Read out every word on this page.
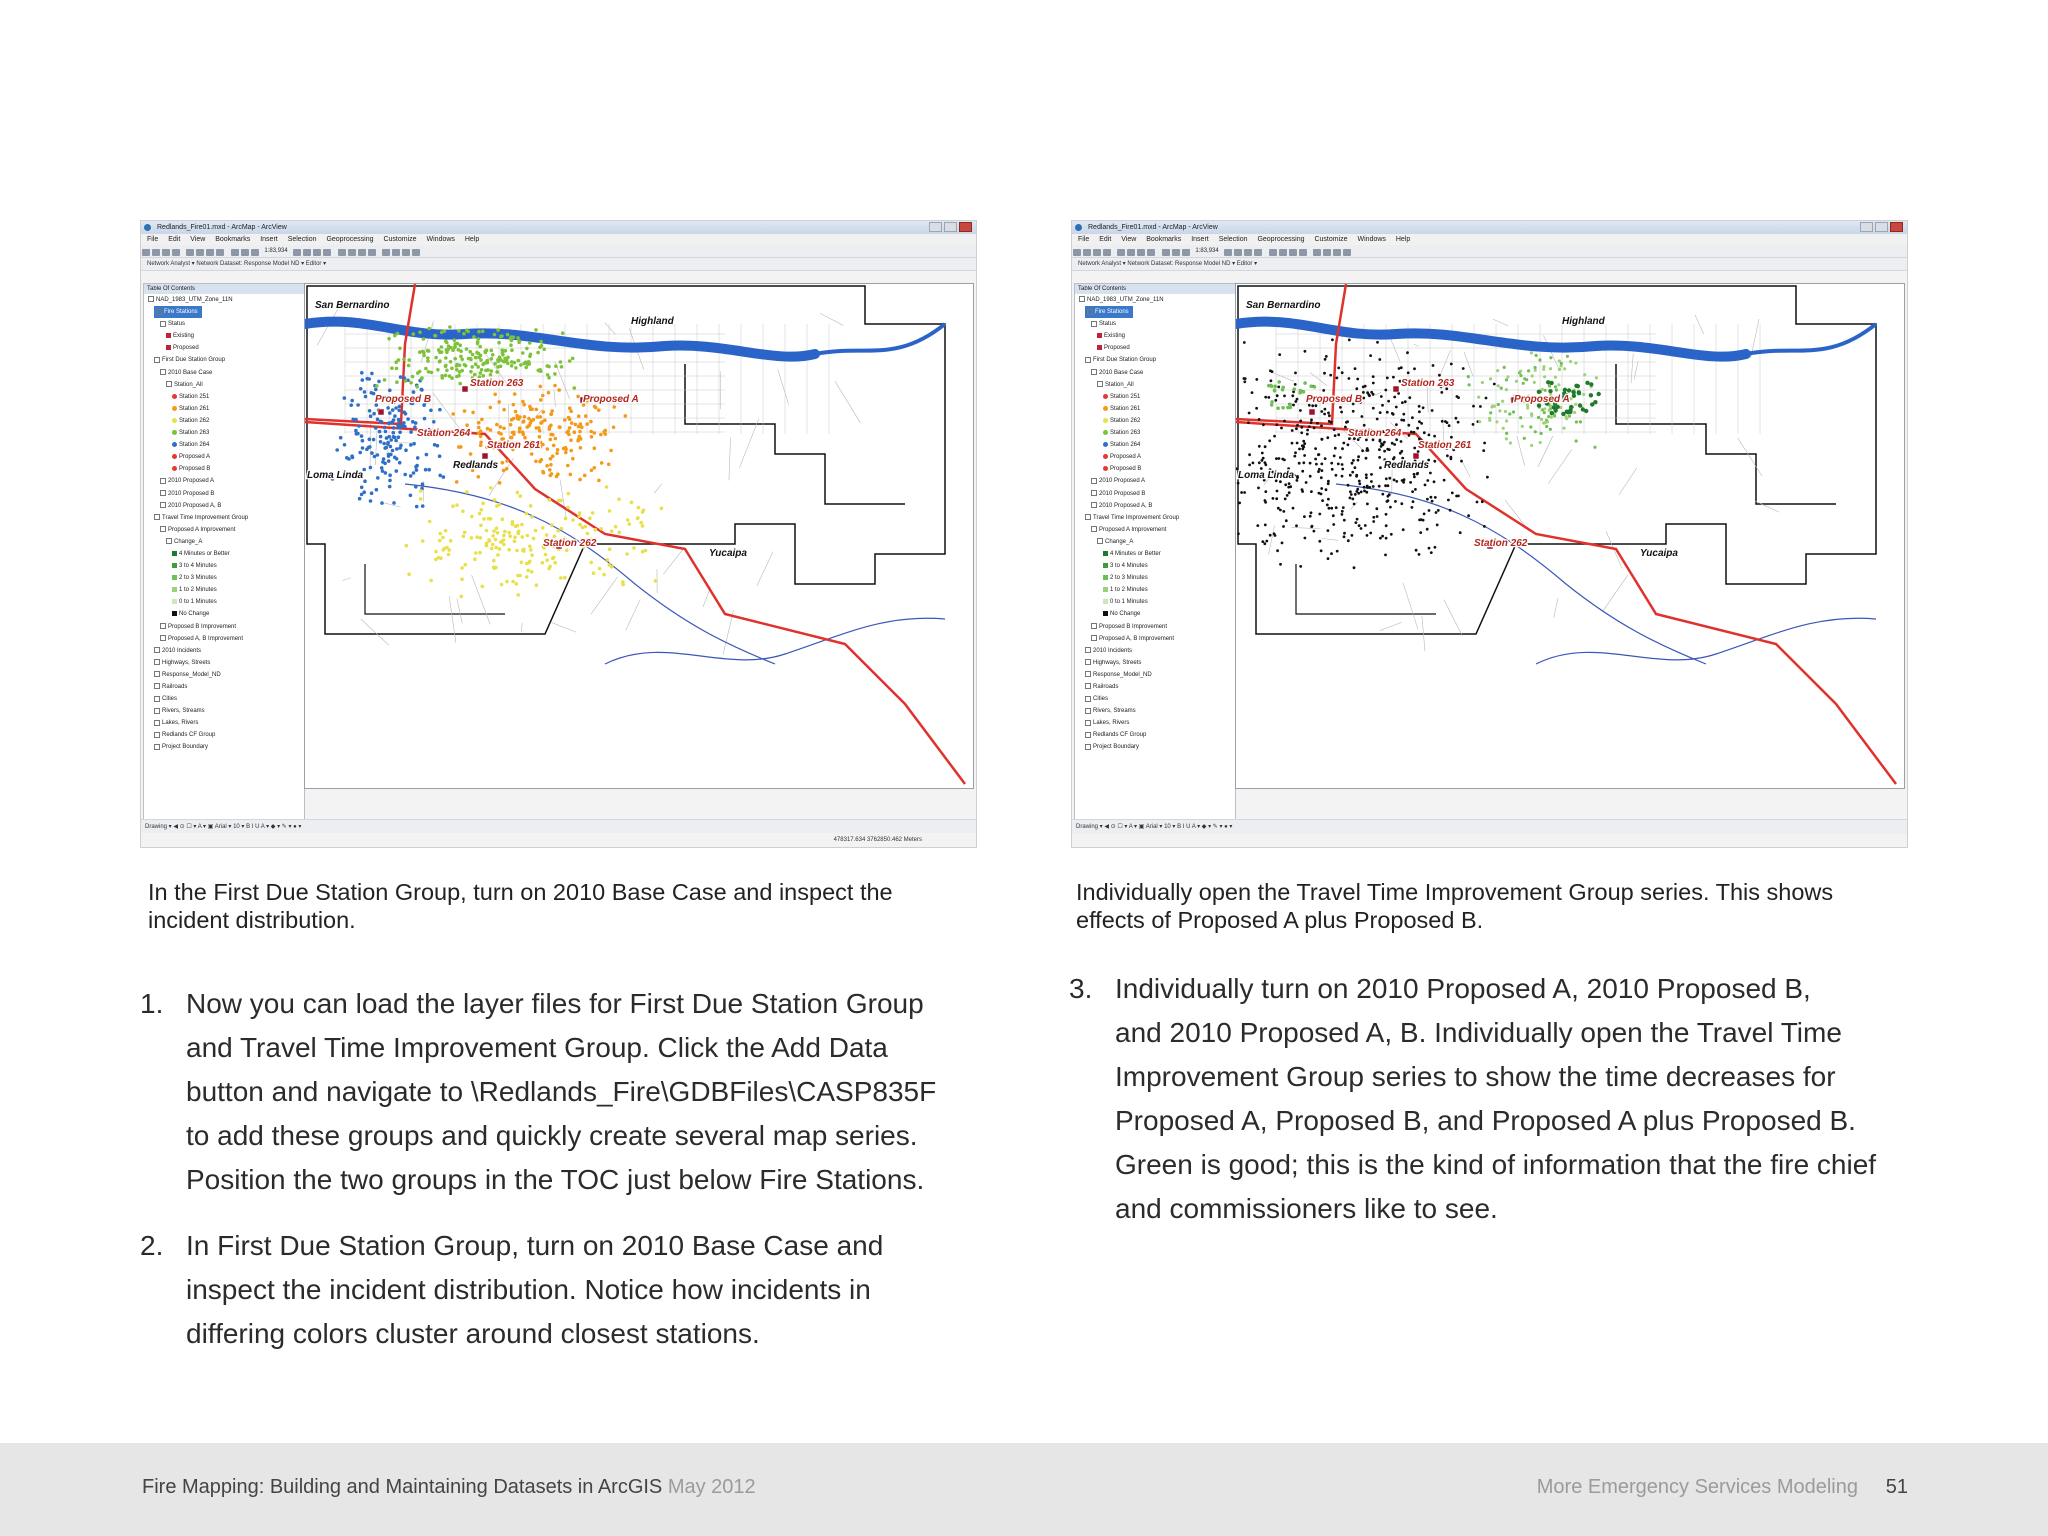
Redlands_Fire01.mxd - ArcMap - ArcView
File Edit View Bookmarks Insert Selection Geoprocessing Customize Windows Help
$^{1:83,934}$
Network Analyst ▾ Network Dataset: Response Model ND ▾ Editor ▾
Table Of Contents
NAD_1983_UTM_Zone_11N
Fire Stations

Status
Existing
Proposed
First Due Station Group
2010 Base Case
Station_All
Station 251
Station 261
Station 262
Station 263
Station 264
Proposed A
Proposed B
2010 Proposed A
2010 Proposed B
2010 Proposed A, B
Travel Time Improvement Group
Proposed A Improvement
Change_A
4 Minutes or Better
3 to 4 Minutes
2 to 3 Minutes
1 to 2 Minutes
0 to 1 Minutes
No Change
Proposed B Improvement
Proposed A, B Improvement
2010 Incidents
Highways, Streets
Response_Model_ND
Railroads
Cities
Rivers, Streams
Lakes, Rivers
Redlands CF Group
Project Boundary
San Bernardino
Highland
Station 263
Proposed B	Proposed A
Station 264
Station 261
Redlands
Loma Linda
Station 262
Yucaipa
Drawing ▾ ◀ ⊙ ☐ ▾ A ▾ ▣ Arial ▾ 10 ▾ B I U A ▾ ◆ ▾ ✎ ▾ ● ▾
478317.634 3762850.462 Meters
Redlands_Fire01.mxd - ArcMap - ArcView
File Edit View Bookmarks Insert Selection Geoprocessing Customize Windows Help
$^{1:83,934}$
Network Analyst ▾ Network Dataset: Response Model ND ▾ Editor ▾
Table Of Contents
NAD_1983_UTM_Zone_11N
Fire Stations

Status
Existing
Proposed
First Due Station Group
2010 Base Case
Station_All
Station 251
Station 261
Station 262
Station 263
Station 264
Proposed A
Proposed B
2010 Proposed A
2010 Proposed B
2010 Proposed A, B
Travel Time Improvement Group
Proposed A Improvement
Change_A
4 Minutes or Better
3 to 4 Minutes
2 to 3 Minutes
1 to 2 Minutes
0 to 1 Minutes
No Change
Proposed B Improvement
Proposed A, B Improvement
2010 Incidents
Highways, Streets
Response_Model_ND
Railroads
Cities
Rivers, Streams
Lakes, Rivers
Redlands CF Group
Project Boundary
San Bernardino
Highland
Station 263
Proposed B	Proposed A
Station 264
Station 261
Redlands
Loma Linda
Station 262
Yucaipa
Drawing ▾ ◀ ⊙ ☐ ▾ A ▾ ▣ Arial ▾ 10 ▾ B I U A ▾ ◆ ▾ ✎ ▾ ● ▾
In the First Due Station Group, turn on 2010 Base Case and inspect the
incident distribution.
Individually open the Travel Time Improvement Group series. This shows
effects of Proposed A plus Proposed B.
1. Now you can load the layer files for First Due Station Group
and Travel Time Improvement Group. Click the Add Data
button and navigate to \Redlands_Fire\GDBFiles\CASP835F
to add these groups and quickly create several map series.
Position the two groups in the TOC just below Fire Stations.
2. In First Due Station Group, turn on 2010 Base Case and
inspect the incident distribution. Notice how incidents in
differing colors cluster around closest stations.
3. Individually turn on 2010 Proposed A, 2010 Proposed B,
and 2010 Proposed A, B. Individually open the Travel Time
Improvement Group series to show the time decreases for
Proposed A, Proposed B, and Proposed A plus Proposed B.
Green is good; this is the kind of information that the fire chief
and commissioners like to see.
Fire Mapping: Building and Maintaining Datasets in ArcGIS May 2012	More Emergency Services Modeling 51
